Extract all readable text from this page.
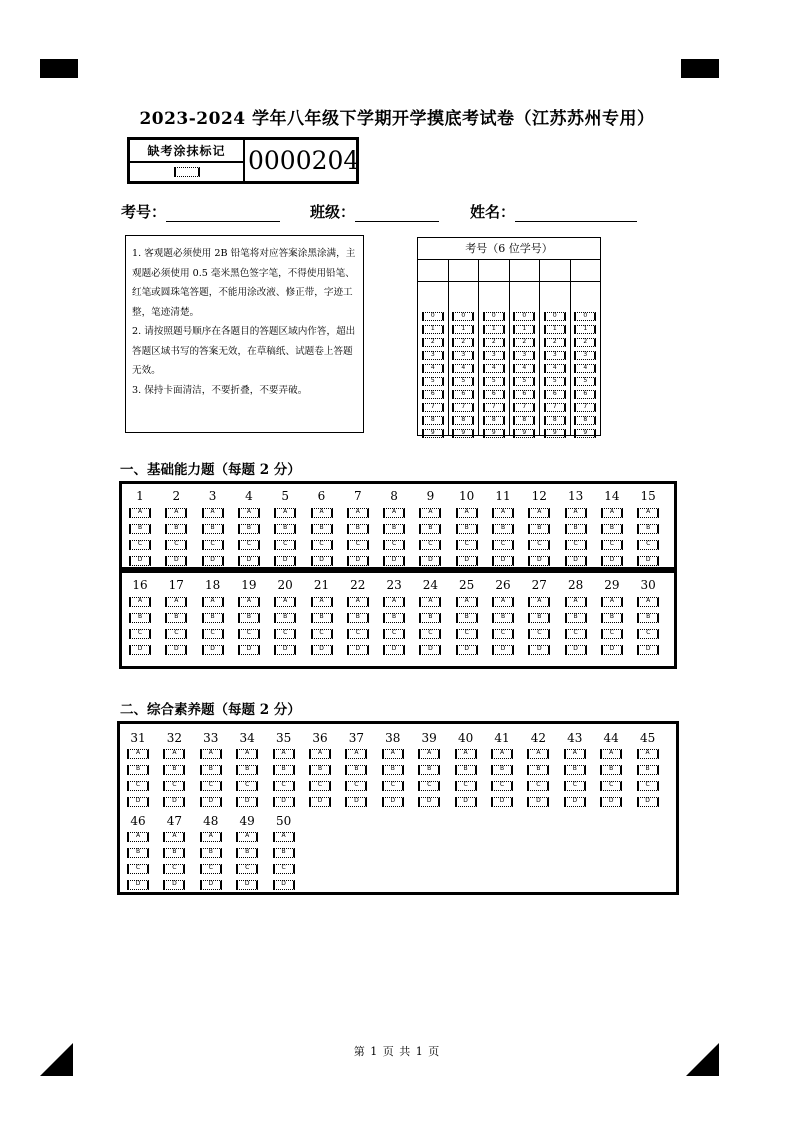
2023-2024 学年八年级下学期开学摸底考试卷（江苏苏州专用）
缺考涂抹标记 0000204
考号：	班级：	姓名：

1. 客观题必须使用 2B 铅笔将对应答案涂黑涂满，主观题必须使用 0.5 毫米黑色签字笔，不得使用铅笔、红笔或圆珠笔答题，不能用涂改液、修正带，字迹工整，笔迹清楚。

2. 请按照题号顺序在各题目的答题区域内作答，超出答题区域书写的答案无效，在草稿纸、试题卷上答题无效。

3. 保持卡面清洁，不要折叠，不要弄破。

考号（6 位学号）
0
1
2
3
4
5
6
7
8
9
0
1
2
3
4
5
6
7
8
9
0
1
2
3
4
5
6
7
8
9
0
1
2
3
4
5
6
7
8
9
0
1
2
3
4
5
6
7
8
9
0
1
2
3
4
5
6
7
8
9
一、基础能力题（每题 2 分）
1
A
B
C
D
2
A
B
C
D
3
A
B
C
D
4
A
B
C
D
5
A
B
C
D
6
A
B
C
D
7
A
B
C
D
8
A
B
C
D
9
A
B
C
D
10
A
B
C
D
11
A
B
C
D
12
A
B
C
D
13
A
B
C
D
14
A
B
C
D
15
A
B
C
D
16
A
B
C
D
17
A
B
C
D
18
A
B
C
D
19
A
B
C
D
20
A
B
C
D
21
A
B
C
D
22
A
B
C
D
23
A
B
C
D
24
A
B
C
D
25
A
B
C
D
26
A
B
C
D
27
A
B
C
D
28
A
B
C
D
29
A
B
C
D
30
A
B
C
D
二、综合素养题（每题 2 分）
31
A
B
C
D
32
A
B
C
D
33
A
B
C
D
34
A
B
C
D
35
A
B
C
D
36
A
B
C
D
37
A
B
C
D
38
A
B
C
D
39
A
B
C
D
40
A
B
C
D
41
A
B
C
D
42
A
B
C
D
43
A
B
C
D
44
A
B
C
D
45
A
B
C
D
46
A
B
C
D
47
A
B
C
D
48
A
B
C
D
49
A
B
C
D
50
A
B
C
D
第 1 页 共 1 页
